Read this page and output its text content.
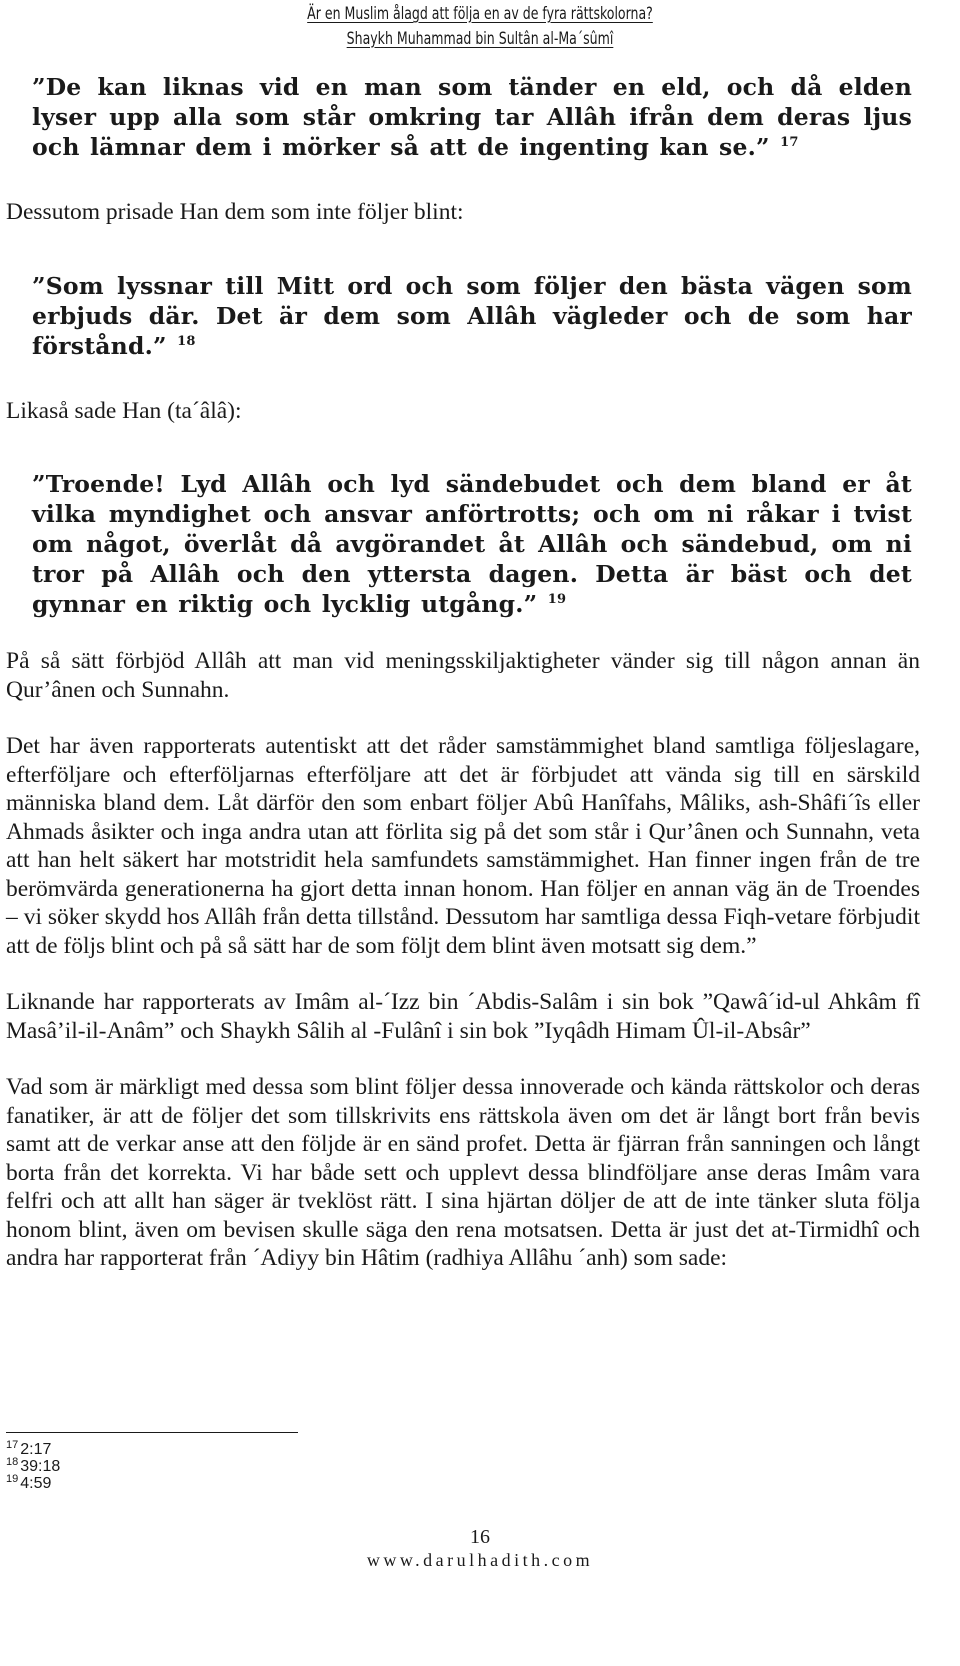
Är en Muslim ålagd att följa en av de fyra rättskolorna?
Shaykh Muhammad bin Sultân al-Ma´sûmî

”De kan liknas vid en man som tänder en eld, och då elden lyser upp alla som står omkring tar Allâh ifrån dem deras ljus och lämnar dem i mörker så att de ingenting kan se.” $^{17}$

Dessutom prisade Han dem som inte följer blint:

”Som lyssnar till Mitt ord och som följer den bästa vägen som erbjuds där. Det är dem som Allâh vägleder och de som har förstånd.” $^{18}$

Likaså sade Han (ta´âlâ):

”Troende! Lyd Allâh och lyd sändebudet och dem bland er åt vilka myndighet och ansvar anförtrotts; och om ni råkar i tvist om något, överlåt då avgörandet åt Allâh och sändebud, om ni tror på Allâh och den yttersta dagen. Detta är bäst och det gynnar en riktig och lycklig utgång.” $^{19}$

På så sätt förbjöd Allâh att man vid meningsskiljaktigheter vänder sig till någon annan än Qur’ânen och Sunnahn.

Det har även rapporterats autentiskt att det råder samstämmighet bland samtliga följeslagare, efterföljare och efterföljarnas efterföljare att det är förbjudet att vända sig till en särskild människa bland dem. Låt därför den som enbart följer Abû Hanîfahs, Mâliks, ash-Shâfi´îs eller Ahmads åsikter och inga andra utan att förlita sig på det som står i Qur’ânen och Sunnahn, veta att han helt säkert har motstridit hela samfundets samstämmighet. Han finner ingen från de tre berömvärda generationerna ha gjort detta innan honom. Han följer en annan väg än de Troendes – vi söker skydd hos Allâh från detta tillstånd. Dessutom har samtliga dessa Fiqh-vetare förbjudit att de följs blint och på så sätt har de som följt dem blint även motsatt sig dem.”

Liknande har rapporterats av Imâm al-´Izz bin ´Abdis-Salâm i sin bok ”Qawâ´id-ul Ahkâm fî Masâ’il-il-Anâm” och Shaykh Sâlih al -Fulânî i sin bok ”Iyqâdh Himam Ûl-il-Absâr”

Vad som är märkligt med dessa som blint följer dessa innoverade och kända rättskolor och deras fanatiker, är att de följer det som tillskrivits ens rättskola även om det är långt bort från bevis samt att de verkar anse att den följde är en sänd profet. Detta är fjärran från sanningen och långt borta från det korrekta. Vi har både sett och upplevt dessa blindföljare anse deras Imâm vara felfri och att allt han säger är tveklöst rätt. I sina hjärtan döljer de att de inte tänker sluta följa honom blint, även om bevisen skulle säga den rena motsatsen. Detta är just det at-Tirmidhî och andra har rapporterat från ´Adiyy bin Hâtim (radhiya Allâhu ´anh) som sade:

$^{17}$ 2:17
$^{18}$ 39:18
$^{19}$ 4:59
16
www.darulhadith.com
